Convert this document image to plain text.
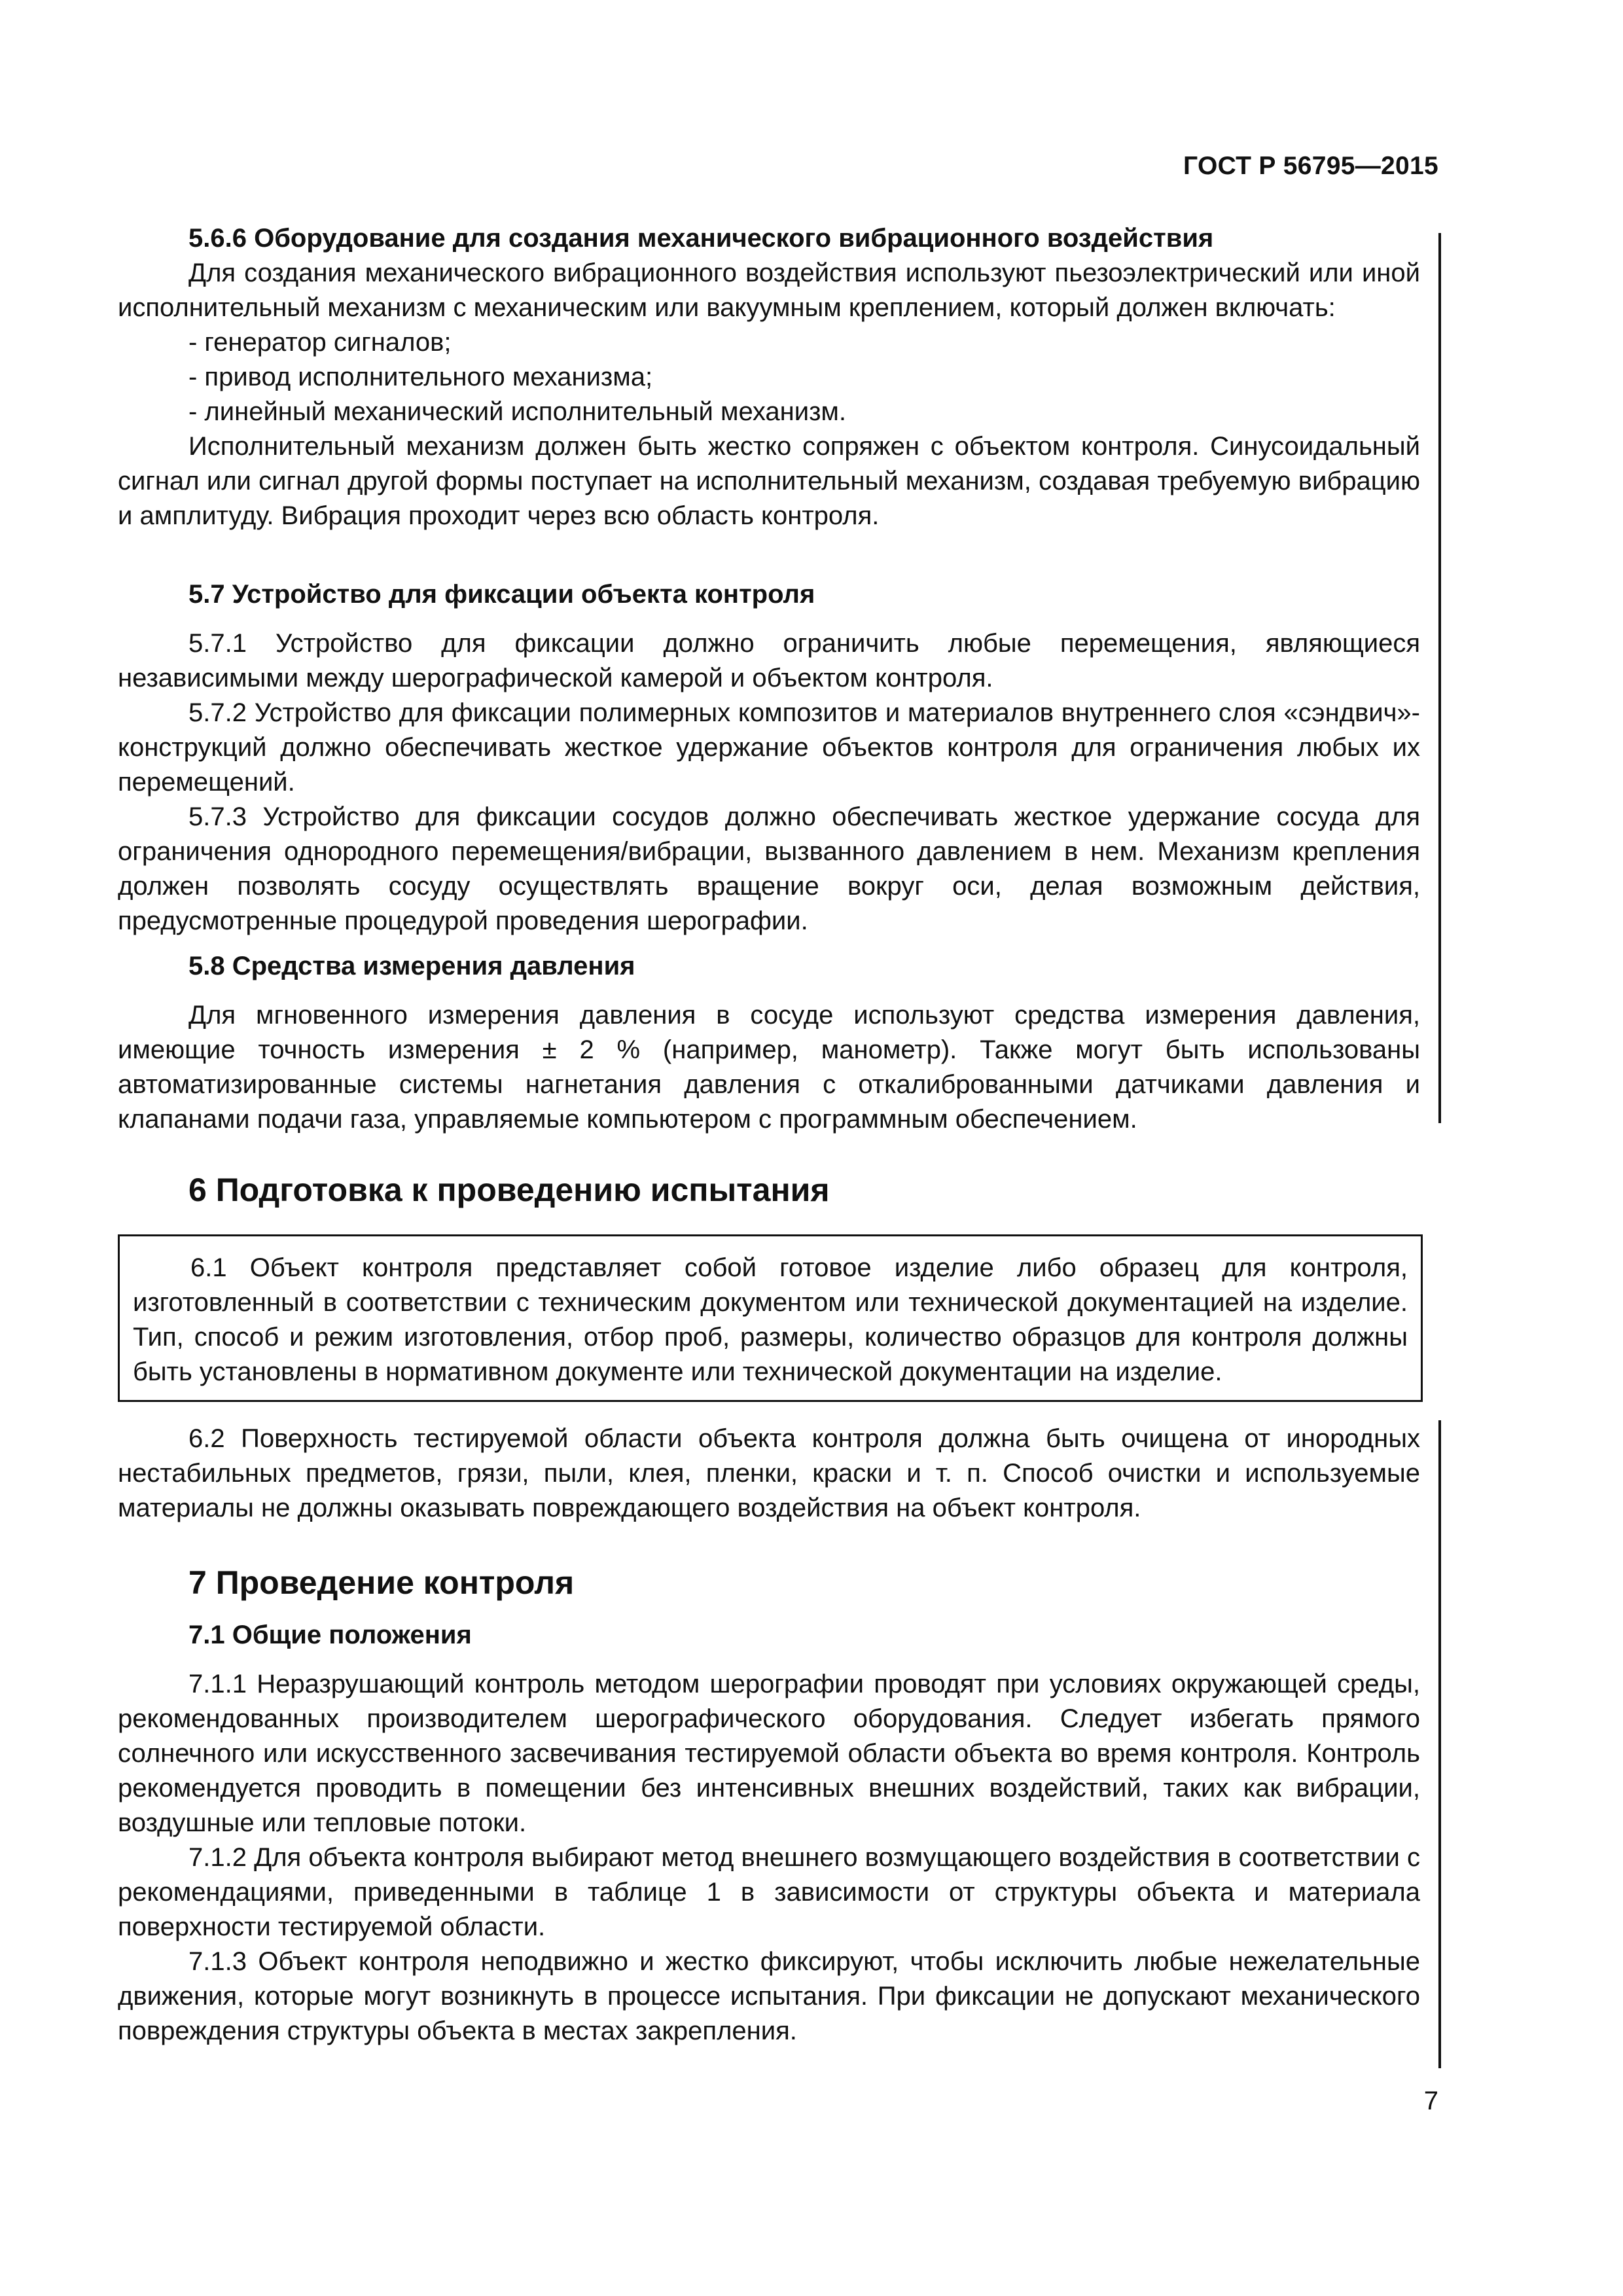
ГОСТ Р 56795—2015

5.6.6 Оборудование для создания механического вибрационного воздействия

Для создания механического вибрационного воздействия используют пьезоэлектрический или иной исполнительный механизм с механическим или вакуумным креплением, который должен включать:

- генератор сигналов;

- привод исполнительного механизма;

- линейный механический исполнительный механизм.

Исполнительный механизм должен быть жестко сопряжен с объектом контроля. Синусоидальный сигнал или сигнал другой формы поступает на исполнительный механизм, создавая требуемую вибрацию и амплитуду. Вибрация проходит через всю область контроля.

5.7 Устройство для фиксации объекта контроля

5.7.1 Устройство для фиксации должно ограничить любые перемещения, являющиеся независимыми между шерографической камерой и объектом контроля.

5.7.2 Устройство для фиксации полимерных композитов и материалов внутреннего слоя «сэндвич»-конструкций должно обеспечивать жесткое удержание объектов контроля для ограничения любых их перемещений.

5.7.3 Устройство для фиксации сосудов должно обеспечивать жесткое удержание сосуда для ограничения однородного перемещения/вибрации, вызванного давлением в нем. Механизм крепления должен позволять сосуду осуществлять вращение вокруг оси, делая возможным действия, предусмотренные процедурой проведения шерографии.

5.8 Средства измерения давления

Для мгновенного измерения давления в сосуде используют средства измерения давления, имеющие точность измерения ± 2 % (например, манометр). Также могут быть использованы автоматизированные системы нагнетания давления с откалиброванными датчиками давления и клапанами подачи газа, управляемые компьютером с программным обеспечением.

6 Подготовка к проведению испытания

6.1 Объект контроля представляет собой готовое изделие либо образец для контроля, изготовленный в соответствии с техническим документом или технической документацией на изделие. Тип, способ и режим изготовления, отбор проб, размеры, количество образцов для контроля должны быть установлены в нормативном документе или технической документации на изделие.

6.2 Поверхность тестируемой области объекта контроля должна быть очищена от инородных нестабильных предметов, грязи, пыли, клея, пленки, краски и т. п. Способ очистки и используемые материалы не должны оказывать повреждающего воздействия на объект контроля.

7 Проведение контроля

7.1 Общие положения

7.1.1 Неразрушающий контроль методом шерографии проводят при условиях окружающей среды, рекомендованных производителем шерографического оборудования. Следует избегать прямого солнечного или искусственного засвечивания тестируемой области объекта во время контроля. Контроль рекомендуется проводить в помещении без интенсивных внешних воздействий, таких как вибрации, воздушные или тепловые потоки.

7.1.2 Для объекта контроля выбирают метод внешнего возмущающего воздействия в соответствии с рекомендациями, приведенными в таблице 1 в зависимости от структуры объекта и материала поверхности тестируемой области.

7.1.3 Объект контроля неподвижно и жестко фиксируют, чтобы исключить любые нежелательные движения, которые могут возникнуть в процессе испытания. При фиксации не допускают механического повреждения структуры объекта в местах закрепления.

7
